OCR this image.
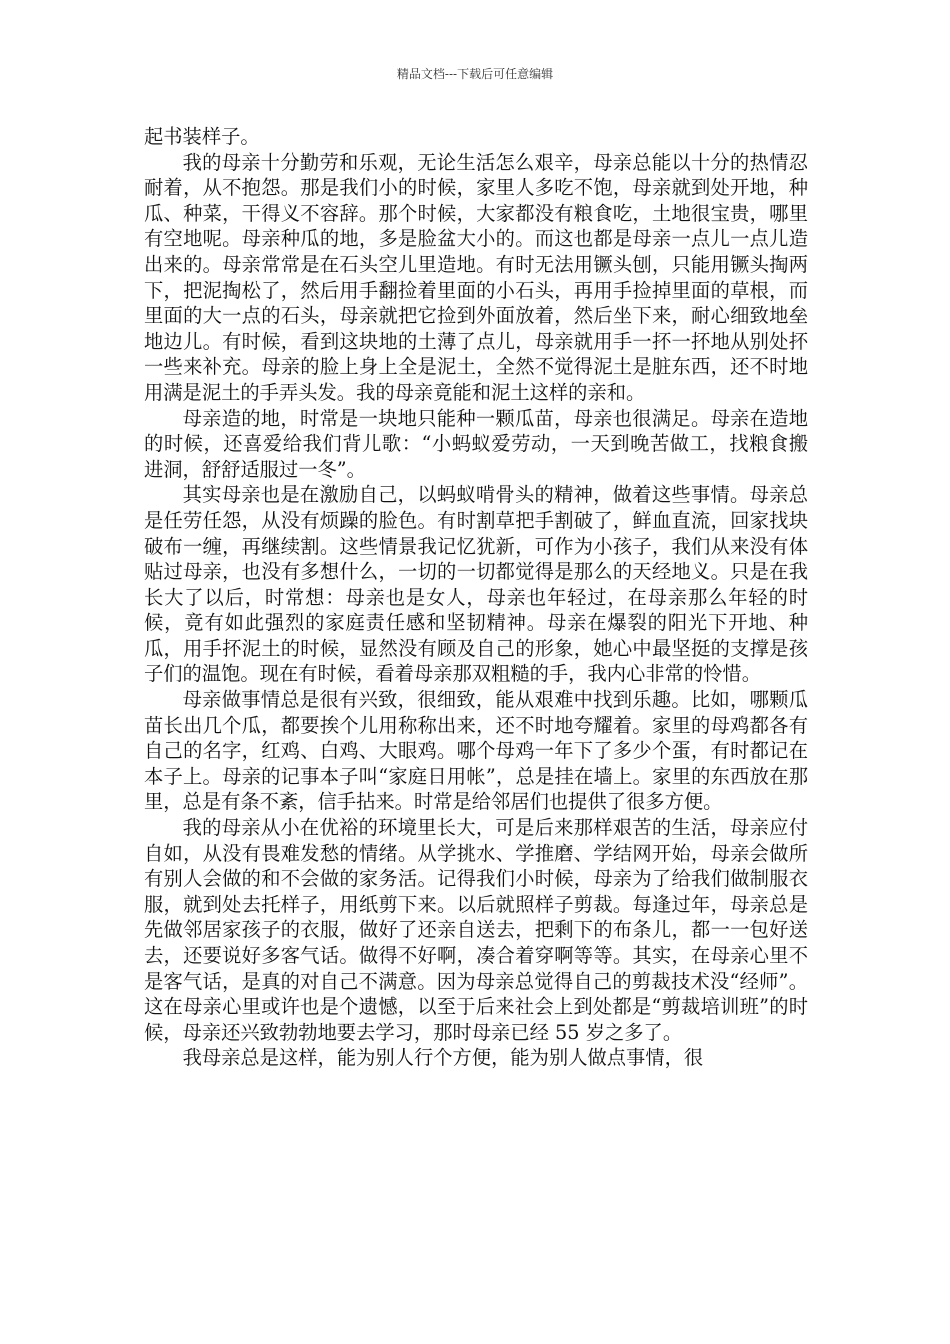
精品文档---下载后可任意编辑

起书装样子。

我的母亲十分勤劳和乐观，无论生活怎么艰辛，母亲总能以十分的热情忍耐着，从不抱怨。那是我们小的时候，家里人多吃不饱，母亲就到处开地，种瓜、种菜，干得义不容辞。那个时候，大家都没有粮食吃，土地很宝贵，哪里有空地呢。母亲种瓜的地，多是脸盆大小的。而这也都是母亲一点儿一点儿造出来的。母亲常常是在石头空儿里造地。有时无法用镢头刨，只能用镢头掏两下，把泥掏松了，然后用手翻捡着里面的小石头，再用手捡掉里面的草根，而里面的大一点的石头，母亲就把它捡到外面放着，然后坐下来，耐心细致地垒地边儿。有时候，看到这块地的土薄了点儿，母亲就用手一抔一抔地从别处抔一些来补充。母亲的脸上身上全是泥土，全然不觉得泥土是脏东西，还不时地用满是泥土的手弄头发。我的母亲竟能和泥土这样的亲和。

母亲造的地，时常是一块地只能种一颗瓜苗，母亲也很满足。母亲在造地的时候，还喜爱给我们背儿歌：“小蚂蚁爱劳动，一天到晚苦做工，找粮食搬进洞，舒舒适服过一冬”。

其实母亲也是在激励自己，以蚂蚁啃骨头的精神，做着这些事情。母亲总是任劳任怨，从没有烦躁的脸色。有时割草把手割破了，鲜血直流，回家找块破布一缠，再继续割。这些情景我记忆犹新，可作为小孩子，我们从来没有体贴过母亲，也没有多想什么，一切的一切都觉得是那么的天经地义。只是在我长大了以后，时常想：母亲也是女人，母亲也年轻过，在母亲那么年轻的时候，竟有如此强烈的家庭责任感和坚韧精神。母亲在爆裂的阳光下开地、种瓜，用手抔泥土的时候，显然没有顾及自己的形象，她心中最坚挺的支撑是孩子们的温饱。现在有时候，看着母亲那双粗糙的手，我内心非常的怜惜。

母亲做事情总是很有兴致，很细致，能从艰难中找到乐趣。比如，哪颗瓜苗长出几个瓜，都要挨个儿用称称出来，还不时地夸耀着。家里的母鸡都各有自己的名字，红鸡、白鸡、大眼鸡。哪个母鸡一年下了多少个蛋，有时都记在本子上。母亲的记事本子叫“家庭日用帐”，总是挂在墙上。家里的东西放在那里，总是有条不紊，信手拈来。时常是给邻居们也提供了很多方便。

我的母亲从小在优裕的环境里长大，可是后来那样艰苦的生活，母亲应付自如，从没有畏难发愁的情绪。从学挑水、学推磨、学结网开始，母亲会做所有别人会做的和不会做的家务活。记得我们小时候，母亲为了给我们做制服衣服，就到处去托样子，用纸剪下来。以后就照样子剪裁。每逢过年，母亲总是先做邻居家孩子的衣服，做好了还亲自送去，把剩下的布条儿，都一一包好送去，还要说好多客气话。做得不好啊，凑合着穿啊等等。其实，在母亲心里不是客气话，是真的对自己不满意。因为母亲总觉得自己的剪裁技术没“经师”。这在母亲心里或许也是个遗憾，以至于后来社会上到处都是“剪裁培训班”的时候，母亲还兴致勃勃地要去学习，那时母亲已经 55 岁之多了。

我母亲总是这样，能为别人行个方便，能为别人做点事情，很
